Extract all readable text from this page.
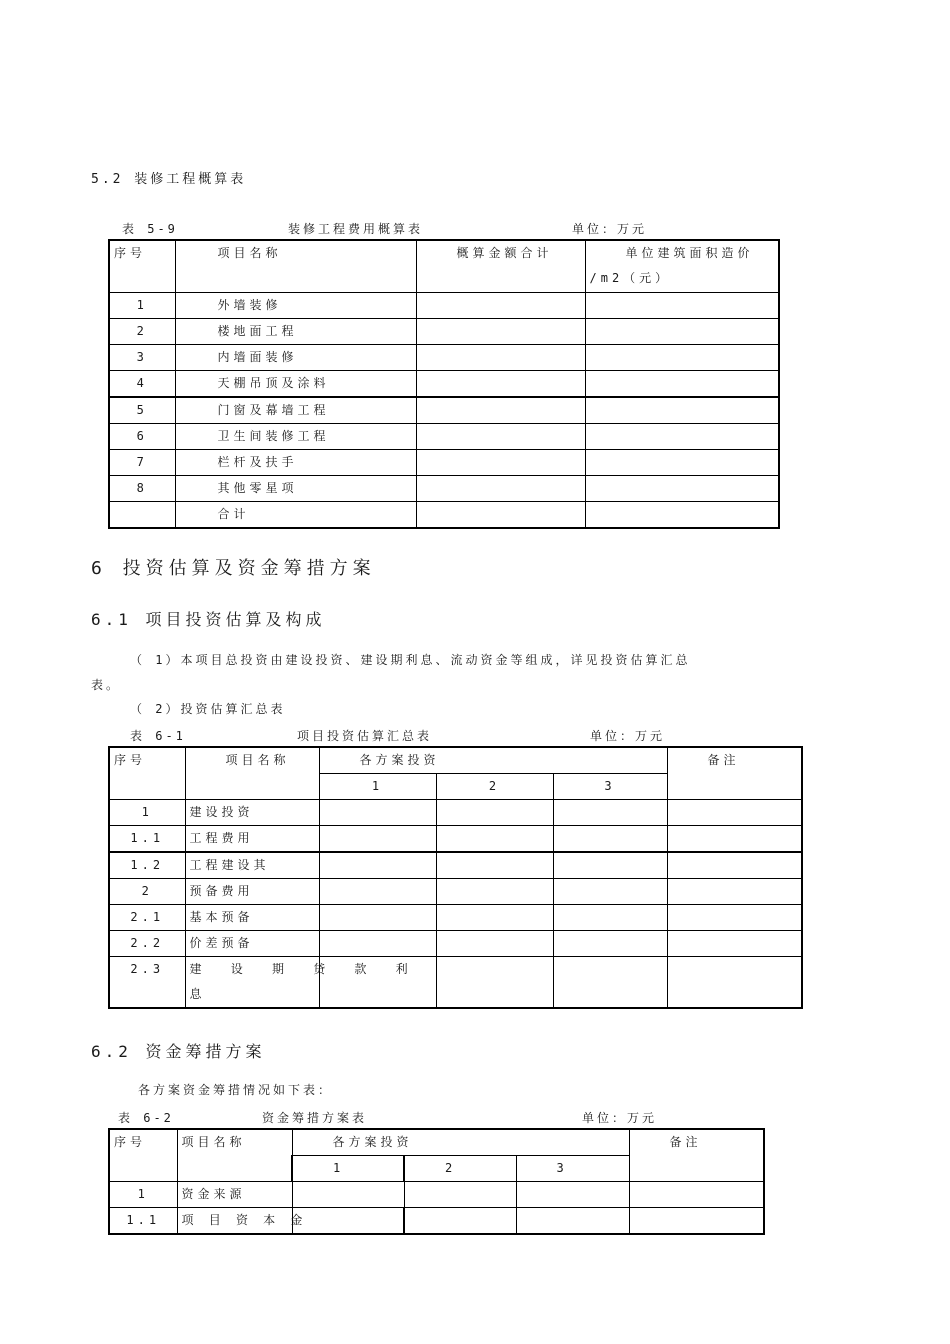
5.2 装修工程概算表
表 5-9	装修工程费用概算表	单位：万元
序号	项目名称	概算金额合计	单位建筑面积造价
/m2（元）

1	外墙装修		
2	楼地面工程		
3	内墙面装修		
4	天棚吊顶及涂料		
5	门窗及幕墙工程		
6	卫生间装修工程		
7	栏杆及扶手		
8	其他零星项		
	合计		
6 投资估算及资金筹措方案
6.1 项目投资估算及构成
（ 1）本项目总投资由建设投资、建设期利息、流动资金等组成，详见投资估算汇总
表。
（ 2）投资估算汇总表
表 6-1	项目投资估算汇总表	单位：万元
序号	项目名称	各方案投资			备注
		1	2	3	
1	建设投资				
1.1	工程费用				
1.2	工程建设其				
2	预备费用				
2.1	基本预备				
2.2	价差预备				
2.3	建 设 期 贷 款 利
息				

6.2 资金筹措方案
各方案资金筹措情况如下表：
表 6-2	资金筹措方案表	单位：万元
序号	项目名称	各方案投资			备注
		1	2	3	
1	资金来源				
1.1	项 目 资 本 金				
